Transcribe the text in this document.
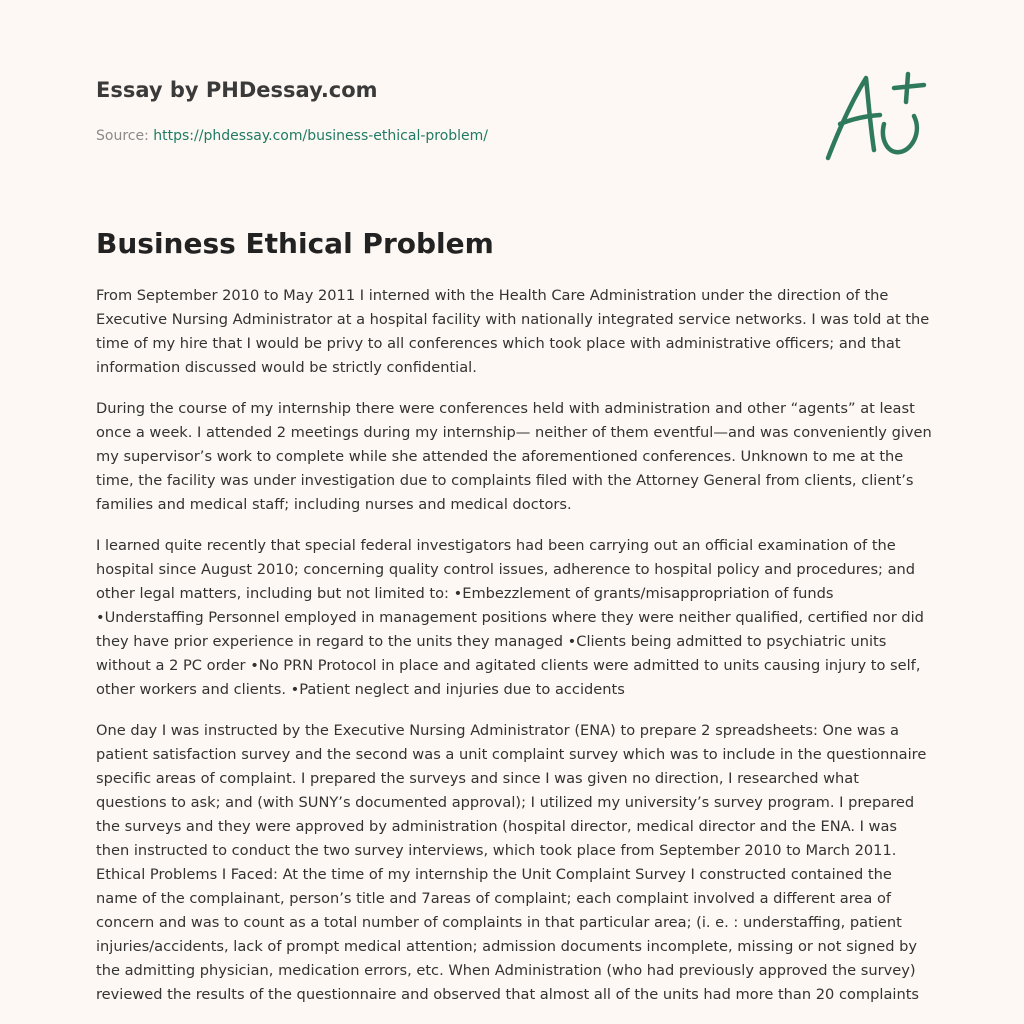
Essay by PHDessay.com
Source: https://phdessay.com/business-ethical-problem/
Business Ethical Problem

From September 2010 to May 2011 I interned with the Health Care Administration under the direction of the Executive Nursing Administrator at a hospital facility with nationally integrated service networks. I was told at the time of my hire that I would be privy to all conferences which took place with administrative officers; and that information discussed would be strictly confidential.

During the course of my internship there were conferences held with administration and other “agents” at least once a week. I attended 2 meetings during my internship— neither of them eventful—and was conveniently given my supervisor’s work to complete while she attended the aforementioned conferences. Unknown to me at the time, the facility was under investigation due to complaints filed with the Attorney General from clients, client’s families and medical staff; including nurses and medical doctors.

I learned quite recently that special federal investigators had been carrying out an official examination of the hospital since August 2010; concerning quality control issues, adherence to hospital policy and procedures; and other legal matters, including but not limited to: •Embezzlement of grants/misappropriation of funds •Understaffing Personnel employed in management positions where they were neither qualified, certified nor did they have prior experience in regard to the units they managed •Clients being admitted to psychiatric units without a 2 PC order •No PRN Protocol in place and agitated clients were admitted to units causing injury to self, other workers and clients. •Patient neglect and injuries due to accidents

One day I was instructed by the Executive Nursing Administrator (ENA) to prepare 2 spreadsheets: One was a patient satisfaction survey and the second was a unit complaint survey which was to include in the questionnaire specific areas of complaint. I prepared the surveys and since I was given no direction, I researched what questions to ask; and (with SUNY’s documented approval); I utilized my university’s survey program. I prepared the surveys and they were approved by administration (hospital director, medical director and the ENA. I was then instructed to conduct the two survey interviews, which took place from September 2010 to March 2011. Ethical Problems I Faced: At the time of my internship the Unit Complaint Survey I constructed contained the name of the complainant, person’s title and 7areas of complaint; each complaint involved a different area of concern and was to count as a total number of complaints in that particular area; (i. e. : understaffing, patient injuries/accidents, lack of prompt medical attention; admission documents incomplete, missing or not signed by the admitting physician, medication errors, etc. When Administration (who had previously approved the survey) reviewed the results of the questionnaire and observed that almost all of the units had more than 20 complaints
